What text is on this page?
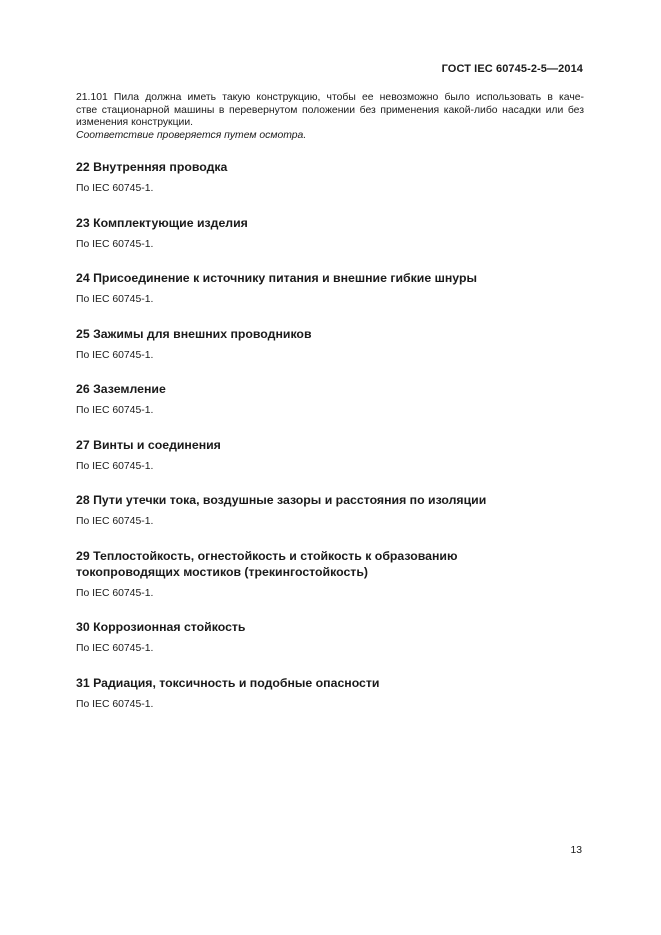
ГОСТ IEC 60745-2-5—2014

21.101 Пила должна иметь такую конструкцию, чтобы ее невозможно было использовать в каче-
стве стационарной машины в перевернутом положении без применения какой-либо насадки или без изменения конструкции.

Соответствие проверяется путем осмотра.

22 Внутренняя проводка
По IEC 60745-1.
23 Комплектующие изделия
По IEC 60745-1.
24 Присоединение к источнику питания и внешние гибкие шнуры
По IEC 60745-1.
25 Зажимы для внешних проводников
По IEC 60745-1.
26 Заземление
По IEC 60745-1.
27 Винты и соединения
По IEC 60745-1.
28 Пути утечки тока, воздушные зазоры и расстояния по изоляции
По IEC 60745-1.
29 Теплостойкость, огнестойкость и стойкость к образованию токопроводящих мостиков (трекингостойкость)
По IEC 60745-1.
30 Коррозионная стойкость
По IEC 60745-1.
31 Радиация, токсичность и подобные опасности
По IEC 60745-1.
13
